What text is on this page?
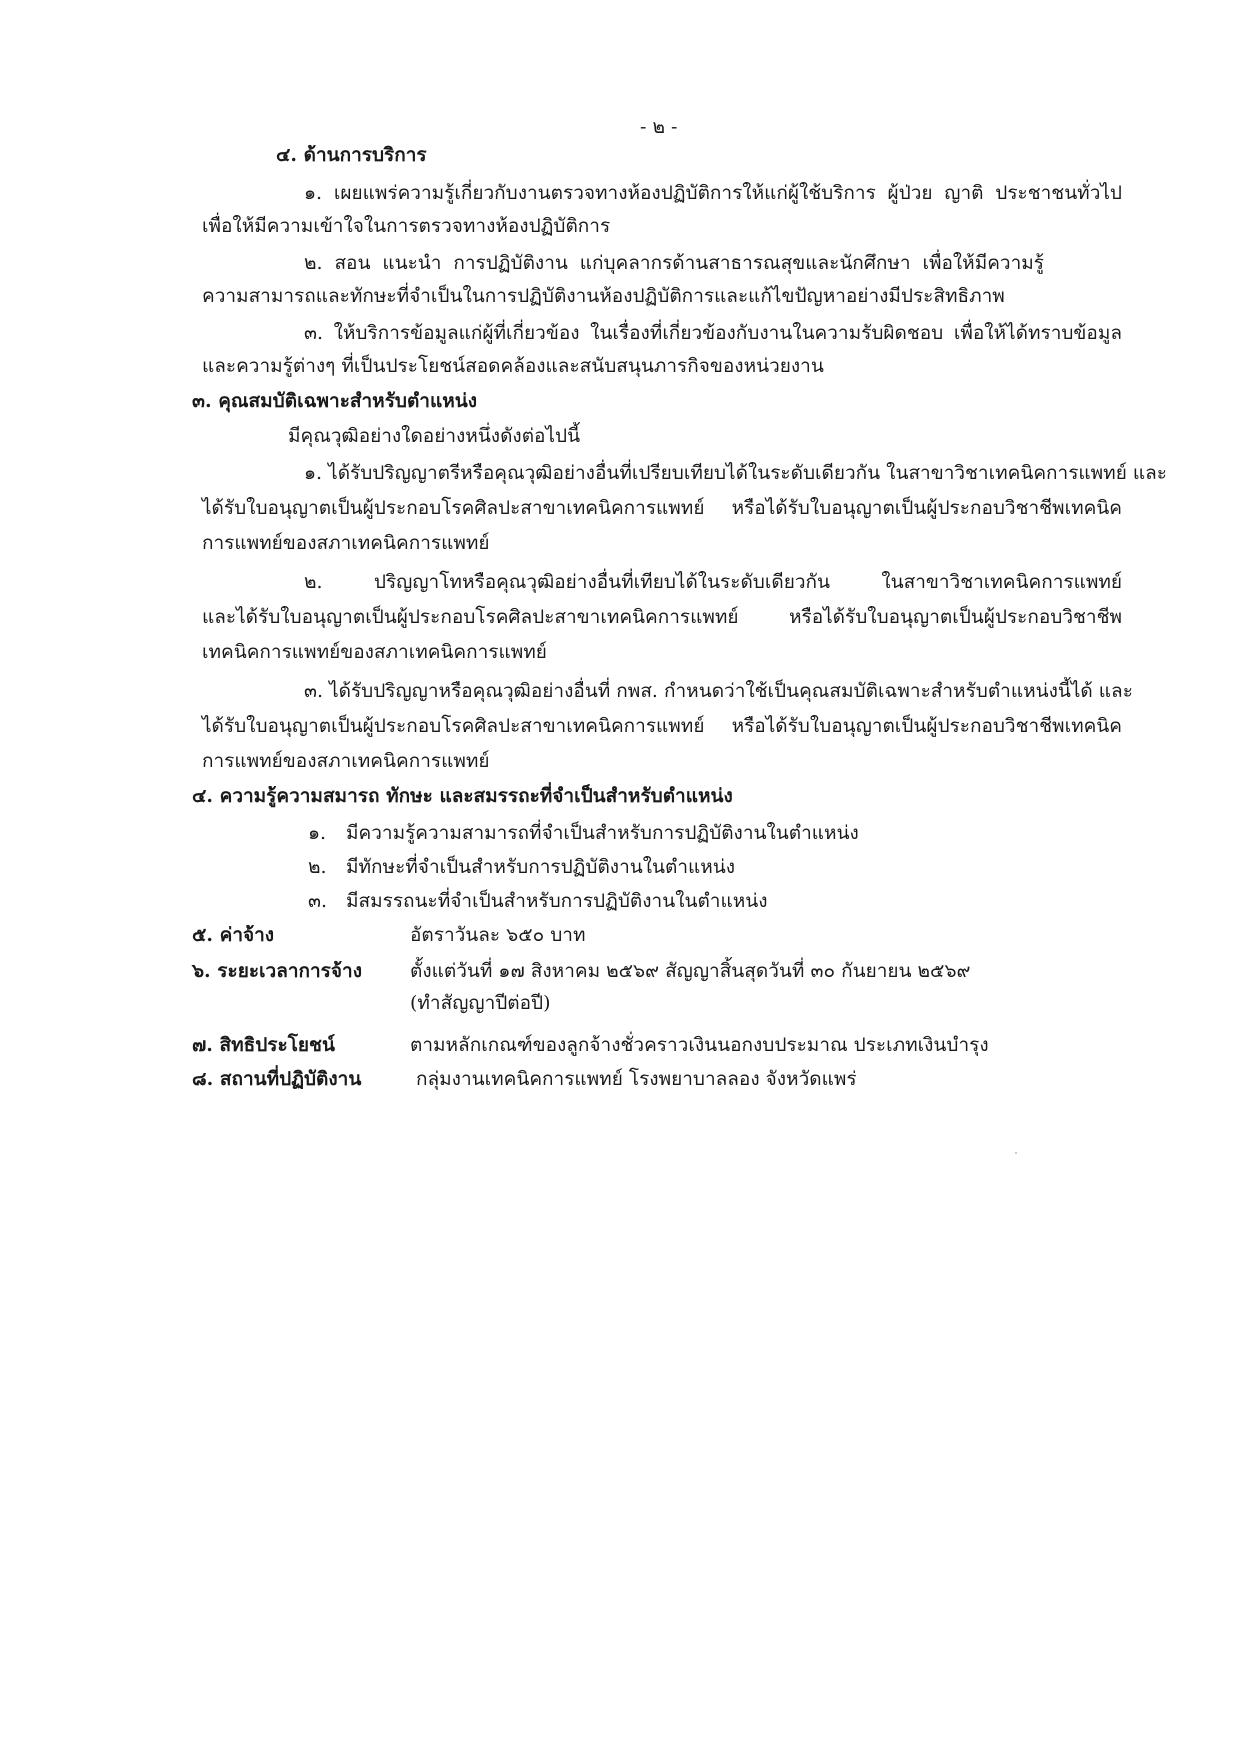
- ๒ -
๔. ด้านการบริการ
๑. เผยแพร่ความรู้เกี่ยวกับงานตรวจทางห้องปฏิบัติการให้แก่ผู้ใช้บริการ ผู้ป่วย ญาติ ประชาชนทั่วไป
เพื่อให้มีความเข้าใจในการตรวจทางห้องปฏิบัติการ
๒. สอน แนะนำ การปฏิบัติงาน แก่บุคลากรด้านสาธารณสุขและนักศึกษา เพื่อให้มีความรู้
ความสามารถและทักษะที่จำเป็นในการปฏิบัติงานห้องปฏิบัติการและแก้ไขปัญหาอย่างมีประสิทธิภาพ
๓. ให้บริการข้อมูลแก่ผู้ที่เกี่ยวข้อง ในเรื่องที่เกี่ยวข้องกับงานในความรับผิดชอบ เพื่อให้ได้ทราบข้อมูล
และความรู้ต่างๆ ที่เป็นประโยชน์สอดคล้องและสนับสนุนภารกิจของหน่วยงาน
๓. คุณสมบัติเฉพาะสำหรับตำแหน่ง
มีคุณวุฒิอย่างใดอย่างหนึ่งดังต่อไปนี้
๑. ได้รับปริญญาตรีหรือคุณวุฒิอย่างอื่นที่เปรียบเทียบได้ในระดับเดียวกัน ในสาขาวิชาเทคนิคการแพทย์ และ
ได้รับใบอนุญาตเป็นผู้ประกอบโรคศิลปะสาขาเทคนิคการแพทย์ หรือได้รับใบอนุญาตเป็นผู้ประกอบวิชาชีพเทคนิค
การแพทย์ของสภาเทคนิคการแพทย์
๒. ปริญญาโทหรือคุณวุฒิอย่างอื่นที่เทียบได้ในระดับเดียวกัน ในสาขาวิชาเทคนิคการแพทย์
และได้รับใบอนุญาตเป็นผู้ประกอบโรคศิลปะสาขาเทคนิคการแพทย์ หรือได้รับใบอนุญาตเป็นผู้ประกอบวิชาชีพ
เทคนิคการแพทย์ของสภาเทคนิคการแพทย์
๓. ได้รับปริญญาหรือคุณวุฒิอย่างอื่นที่ กพส. กำหนดว่าใช้เป็นคุณสมบัติเฉพาะสำหรับตำแหน่งนี้ได้ และ
ได้รับใบอนุญาตเป็นผู้ประกอบโรคศิลปะสาขาเทคนิคการแพทย์ หรือได้รับใบอนุญาตเป็นผู้ประกอบวิชาชีพเทคนิค
การแพทย์ของสภาเทคนิคการแพทย์
๔. ความรู้ความสมารถ ทักษะ และสมรรถะที่จำเป็นสำหรับตำแหน่ง
๑. มีความรู้ความสามารถที่จำเป็นสำหรับการปฏิบัติงานในตำแหน่ง
๒. มีทักษะที่จำเป็นสำหรับการปฏิบัติงานในตำแหน่ง
๓. มีสมรรถนะที่จำเป็นสำหรับการปฏิบัติงานในตำแหน่ง
๕. ค่าจ้าง	อัตราวันละ ๖๕๐ บาท
๖. ระยะเวลาการจ้าง	ตั้งแต่วันที่ ๑๗ สิงหาคม ๒๕๖๙ สัญญาสิ้นสุดวันที่ ๓๐ กันยายน ๒๕๖๙
(ทำสัญญาปีต่อปี)
๗. สิทธิประโยชน์	ตามหลักเกณฑ์ของลูกจ้างชั่วคราวเงินนอกงบประมาณ ประเภทเงินบำรุง
๘. สถานที่ปฏิบัติงาน	กลุ่มงานเทคนิคการแพทย์ โรงพยาบาลลอง จังหวัดแพร่
